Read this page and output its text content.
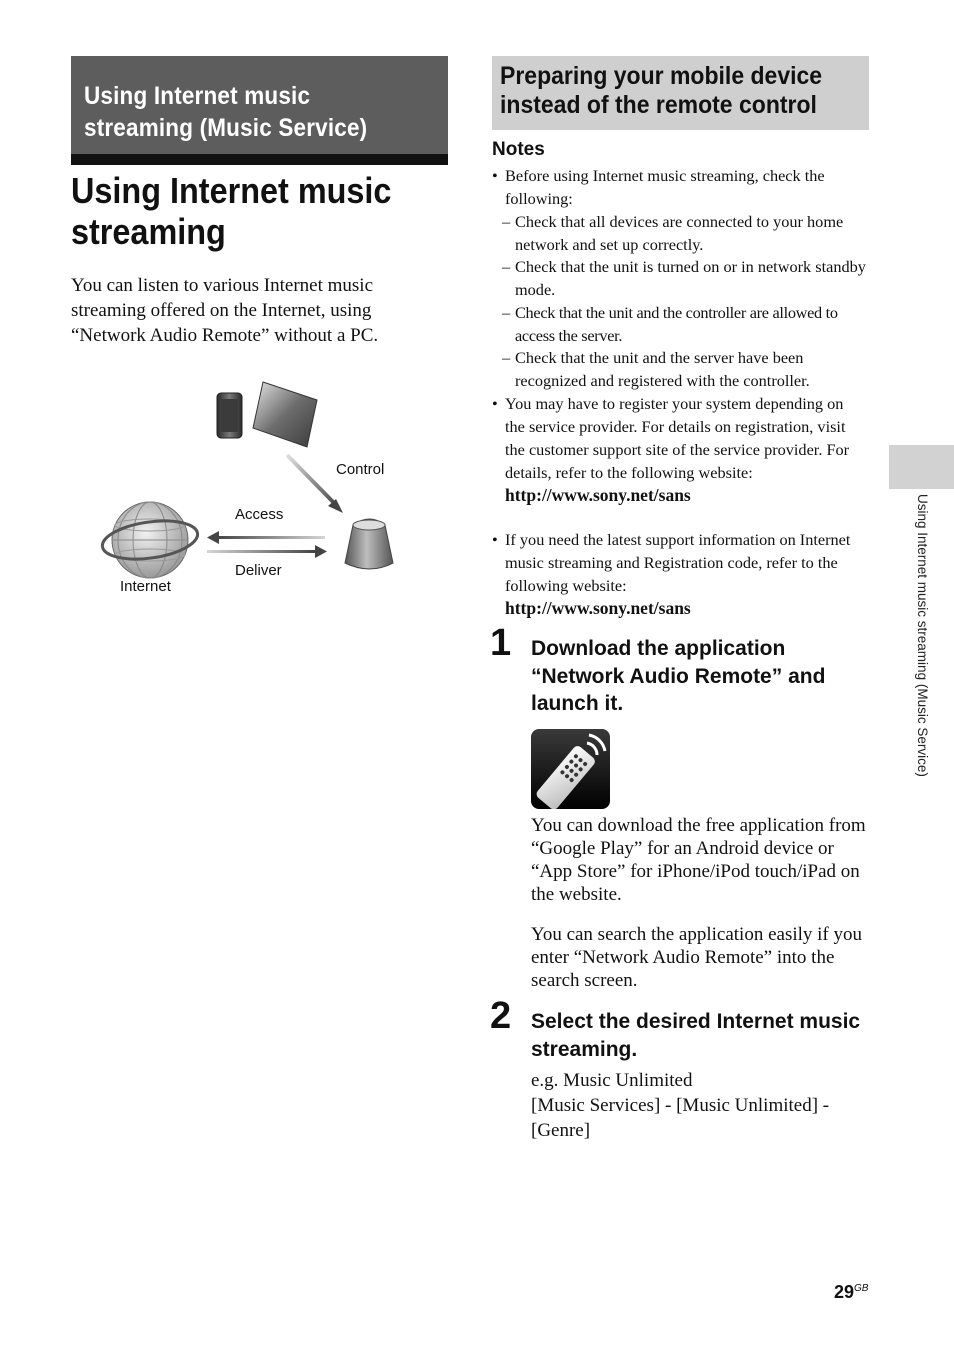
Using Internet music streaming (Music Service)
Using Internet music streaming
You can listen to various Internet music streaming offered on the Internet, using “Network Audio Remote” without a PC.
Control
Access
Deliver
Internet
Preparing your mobile device instead of the remote control
Notes
• Before using Internet music streaming, check the following:
– Check that all devices are connected to your home network and set up correctly.
– Check that the unit is turned on or in network standby mode.
– Check that the unit and the controller are allowed to access the server.
– Check that the unit and the server have been recognized and registered with the controller.
• You may have to register your system depending on the service provider. For details on registration, visit the customer support site of the service provider. For details, refer to the following website:
http://www.sony.net/sans
• If you need the latest support information on Internet music streaming and Registration code, refer to the following website:
http://www.sony.net/sans
1 Download the application “Network Audio Remote” and launch it.
You can download the free application from “Google Play” for an Android device or “App Store” for iPhone/iPod touch/iPad on the website.
You can search the application easily if you enter “Network Audio Remote” into the search screen.
2 Select the desired Internet music streaming.
e.g. Music Unlimited
[Music Services] - [Music Unlimited] - [Genre]
Using Internet music streaming (Music Service)
$29^{GB}$
